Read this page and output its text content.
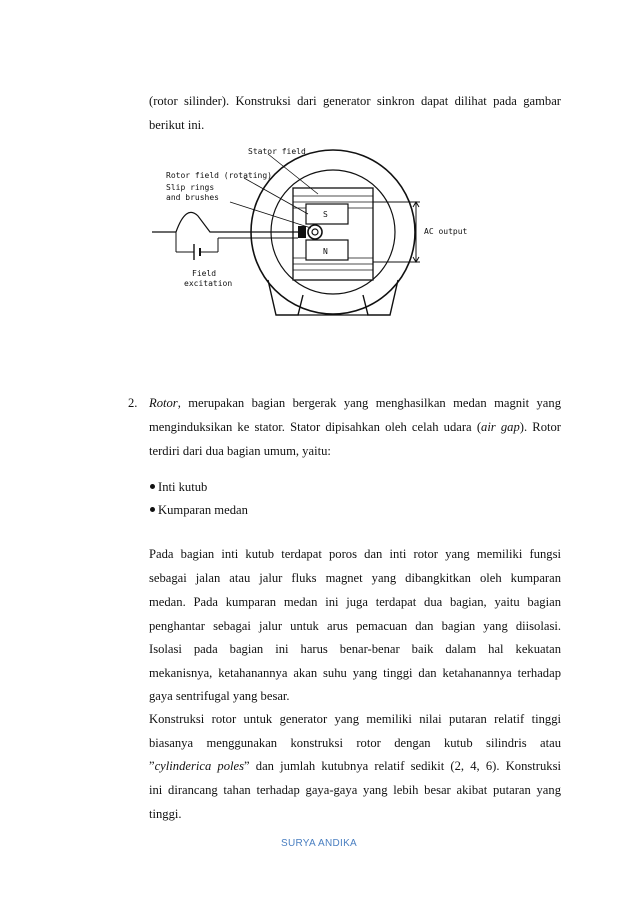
(rotor silinder). Konstruksi dari generator sinkron dapat dilihat pada gambar
berikut ini.
S
N
AC output
Stator field
Rotor field (rotating)
Slip rings
and brushes
Field
excitation
2. Rotor, merupakan bagian bergerak yang menghasilkan medan magnit yang
menginduksikan ke stator. Stator dipisahkan oleh celah udara (air gap). Rotor
terdiri dari dua bagian umum, yaitu:
Inti kutub
Kumparan medan
Pada bagian inti kutub terdapat poros dan inti rotor yang memiliki fungsi
sebagai jalan atau jalur fluks magnet yang dibangkitkan oleh kumparan
medan. Pada kumparan medan ini juga terdapat dua bagian, yaitu bagian
penghantar sebagai jalur untuk arus pemacuan dan bagian yang diisolasi.
Isolasi pada bagian ini harus benar-benar baik dalam hal kekuatan
mekanisnya, ketahanannya akan suhu yang tinggi dan ketahanannya terhadap
gaya sentrifugal yang besar.
Konstruksi rotor untuk generator yang memiliki nilai putaran relatif tinggi
biasanya menggunakan konstruksi rotor dengan kutub silindris atau
”cylinderica poles” dan jumlah kutubnya relatif sedikit (2, 4, 6). Konstruksi
ini dirancang tahan terhadap gaya-gaya yang lebih besar akibat putaran yang
tinggi.
SURYA ANDIKA
